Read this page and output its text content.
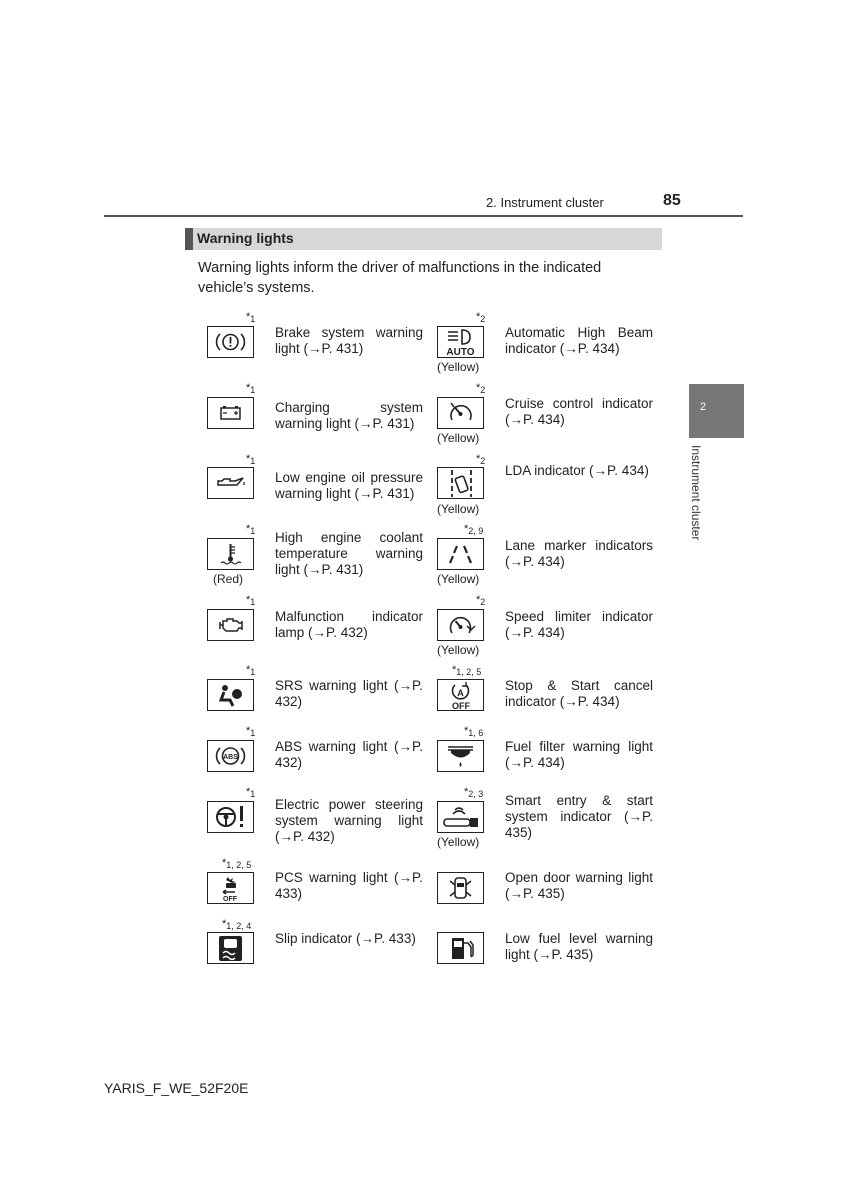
2. Instrument cluster	85
Warning lights
Warning lights inform the driver of malfunctions in the indicated vehicle’s systems.
2
Instrument cluster
$*_1$
Brake system warning light (→P. 431)
$*_1$
Charging system warning light (→P. 431)
$*_1$
Low engine oil pressure warning light (→P. 431)
$*_1$
(Red)
High engine coolant temperature warning light (→P. 431)
$*_1$
Malfunction indicator lamp (→P. 432)
$*_1$
SRS warning light (→P. 432)
$*_1$
ABS
ABS warning light (→P. 432)
$*_1$
Electric power steering system warning light (→P. 432)
$*_{1, 2, 5}$
OFF
PCS warning light (→P. 433)
$*_{1, 2, 4}$
Slip indicator (→P. 433)
$*_2$
AUTO
(Yellow)
Automatic High Beam indicator (→P. 434)
$*_2$
(Yellow)
Cruise control indicator (→P. 434)
$*_2$
(Yellow)
LDA indicator (→P. 434)
$*_{2, 9}$
(Yellow)
Lane marker indicators (→P. 434)
$*_2$
(Yellow)
Speed limiter indicator (→P. 434)
$*_{1, 2, 5}$
A
OFF
Stop & Start cancel indicator (→P. 434)
$*_{1, 6}$
Fuel filter warning light (→P. 434)
$*_{2, 3}$
(Yellow)
Smart entry & start system indicator (→P. 435)
Open door warning light (→P. 435)
Low fuel level warning light (→P. 435)
YARIS_F_WE_52F20E
